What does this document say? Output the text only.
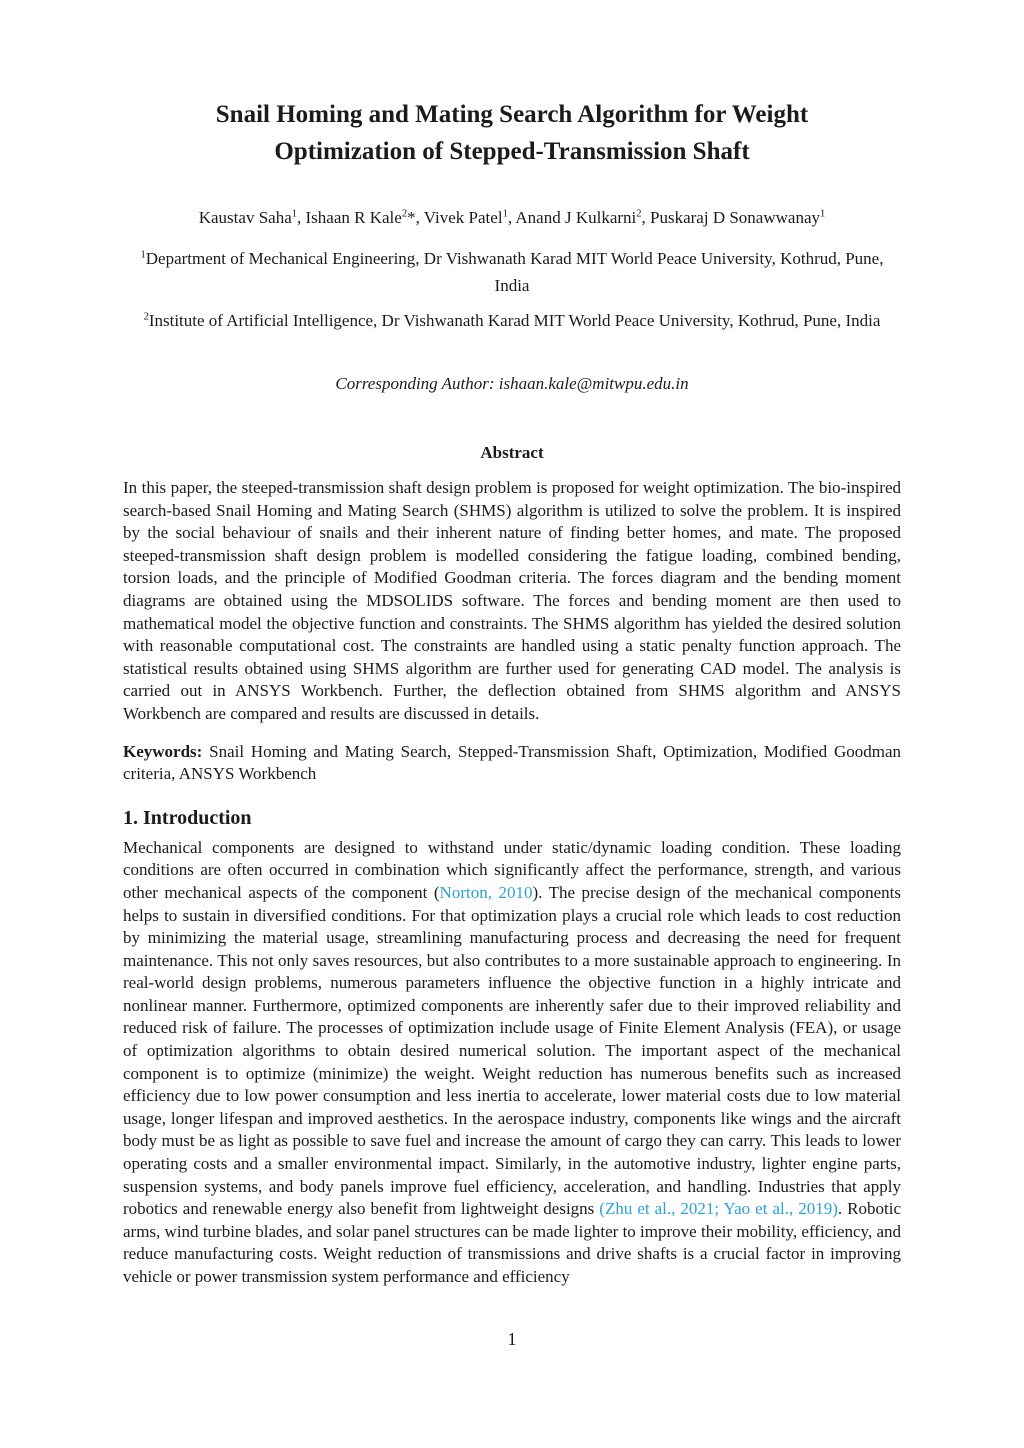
Snail Homing and Mating Search Algorithm for Weight
Optimization of Stepped-Transmission Shaft
Kaustav Saha$^1$, Ishaan R Kale$^2$*, Vivek Patel$^1$, Anand J Kulkarni$^2$, Puskaraj D Sonawwanay$^1$
$^1$Department of Mechanical Engineering, Dr Vishwanath Karad MIT World Peace University, Kothrud, Pune, India
$^2$Institute of Artificial Intelligence, Dr Vishwanath Karad MIT World Peace University, Kothrud, Pune, India
Corresponding Author: ishaan.kale@mitwpu.edu.in
Abstract

In this paper, the steeped-transmission shaft design problem is proposed for weight optimization. The bio-inspired search-based Snail Homing and Mating Search (SHMS) algorithm is utilized to solve the problem. It is inspired by the social behaviour of snails and their inherent nature of finding better homes, and mate. The proposed steeped-transmission shaft design problem is modelled considering the fatigue loading, combined bending, torsion loads, and the principle of Modified Goodman criteria. The forces diagram and the bending moment diagrams are obtained using the MDSOLIDS software. The forces and bending moment are then used to mathematical model the objective function and constraints. The SHMS algorithm has yielded the desired solution with reasonable computational cost. The constraints are handled using a static penalty function approach. The statistical results obtained using SHMS algorithm are further used for generating CAD model. The analysis is carried out in ANSYS Workbench. Further, the deflection obtained from SHMS algorithm and ANSYS Workbench are compared and results are discussed in details.

Keywords: Snail Homing and Mating Search, Stepped-Transmission Shaft, Optimization, Modified Goodman criteria, ANSYS Workbench

1. Introduction

Mechanical components are designed to withstand under static/dynamic loading condition. These loading conditions are often occurred in combination which significantly affect the performance, strength, and various other mechanical aspects of the component (Norton, 2010). The precise design of the mechanical components helps to sustain in diversified conditions. For that optimization plays a crucial role which leads to cost reduction by minimizing the material usage, streamlining manufacturing process and decreasing the need for frequent maintenance. This not only saves resources, but also contributes to a more sustainable approach to engineering. In real-world design problems, numerous parameters influence the objective function in a highly intricate and nonlinear manner. Furthermore, optimized components are inherently safer due to their improved reliability and reduced risk of failure. The processes of optimization include usage of Finite Element Analysis (FEA), or usage of optimization algorithms to obtain desired numerical solution. The important aspect of the mechanical component is to optimize (minimize) the weight. Weight reduction has numerous benefits such as increased efficiency due to low power consumption and less inertia to accelerate, lower material costs due to low material usage, longer lifespan and improved aesthetics. In the aerospace industry, components like wings and the aircraft body must be as light as possible to save fuel and increase the amount of cargo they can carry. This leads to lower operating costs and a smaller environmental impact. Similarly, in the automotive industry, lighter engine parts, suspension systems, and body panels improve fuel efficiency, acceleration, and handling. Industries that apply robotics and renewable energy also benefit from lightweight designs (Zhu et al., 2021; Yao et al., 2019). Robotic arms, wind turbine blades, and solar panel structures can be made lighter to improve their mobility, efficiency, and reduce manufacturing costs. Weight reduction of transmissions and drive shafts is a crucial factor in improving vehicle or power transmission system performance and efficiency

1
